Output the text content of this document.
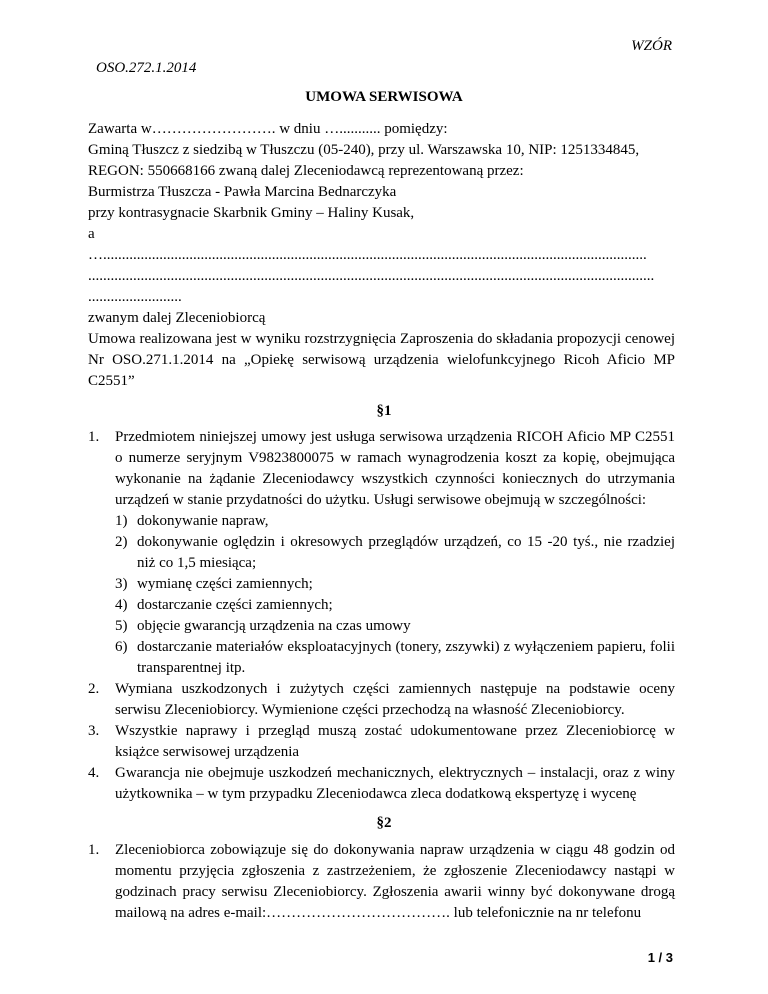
WZÓR
OSO.272.1.2014
UMOWA SERWISOWA
Zawarta w……………………. w dniu …........... pomiędzy:
Gminą Tłuszcz z siedzibą w Tłuszczu (05-240), przy ul. Warszawska 10, NIP: 1251334845,
REGON: 550668166 zwaną dalej Zleceniodawcą reprezentowaną przez:
Burmistrza Tłuszcza - Pawła Marcina Bednarczyka
przy kontrasygnacie Skarbnik Gminy – Haliny Kusak,
a
….................................................................................................................................................
.......................................................................................................................................................
.........................
zwanym dalej Zleceniobiorcą
Umowa realizowana jest w wyniku rozstrzygnięcia Zaproszenia do składania propozycji cenowej Nr OSO.271.1.2014 na „Opiekę serwisową urządzenia wielofunkcyjnego Ricoh Aficio MP C2551”
§1
1. Przedmiotem niniejszej umowy jest usługa serwisowa urządzenia RICOH Aficio MP C2551 o numerze seryjnym V9823800075 w ramach wynagrodzenia koszt za kopię, obejmująca wykonanie na żądanie Zleceniodawcy wszystkich czynności koniecznych do utrzymania urządzeń w stanie przydatności do użytku. Usługi serwisowe obejmują w szczególności:
1) dokonywanie napraw,
2) dokonywanie oględzin i okresowych przeglądów urządzeń, co 15 -20 tyś., nie rzadziej niż co 1,5 miesiąca;
3) wymianę części zamiennych;
4) dostarczanie części zamiennych;
5) objęcie gwarancją urządzenia na czas umowy
6) dostarczanie materiałów eksploatacyjnych (tonery, zszywki) z wyłączeniem papieru, folii transparentnej itp.
2. Wymiana uszkodzonych i zużytych części zamiennych następuje na podstawie oceny serwisu Zleceniobiorcy. Wymienione części przechodzą na własność Zleceniobiorcy.
3. Wszystkie naprawy i przegląd muszą zostać udokumentowane przez Zleceniobiorcę w książce serwisowej urządzenia
4. Gwarancja nie obejmuje uszkodzeń mechanicznych, elektrycznych – instalacji, oraz z winy użytkownika – w tym przypadku Zleceniodawca zleca dodatkową ekspertyzę i wycenę
§2
1. Zleceniobiorca zobowiązuje się do dokonywania napraw urządzenia w ciągu 48 godzin od momentu przyjęcia zgłoszenia z zastrzeżeniem, że zgłoszenie Zleceniodawcy nastąpi w godzinach pracy serwisu Zleceniobiorcy. Zgłoszenia awarii winny być dokonywane drogą mailową na adres e-mail:………………………………. lub telefonicznie na nr telefonu
1 / 3
